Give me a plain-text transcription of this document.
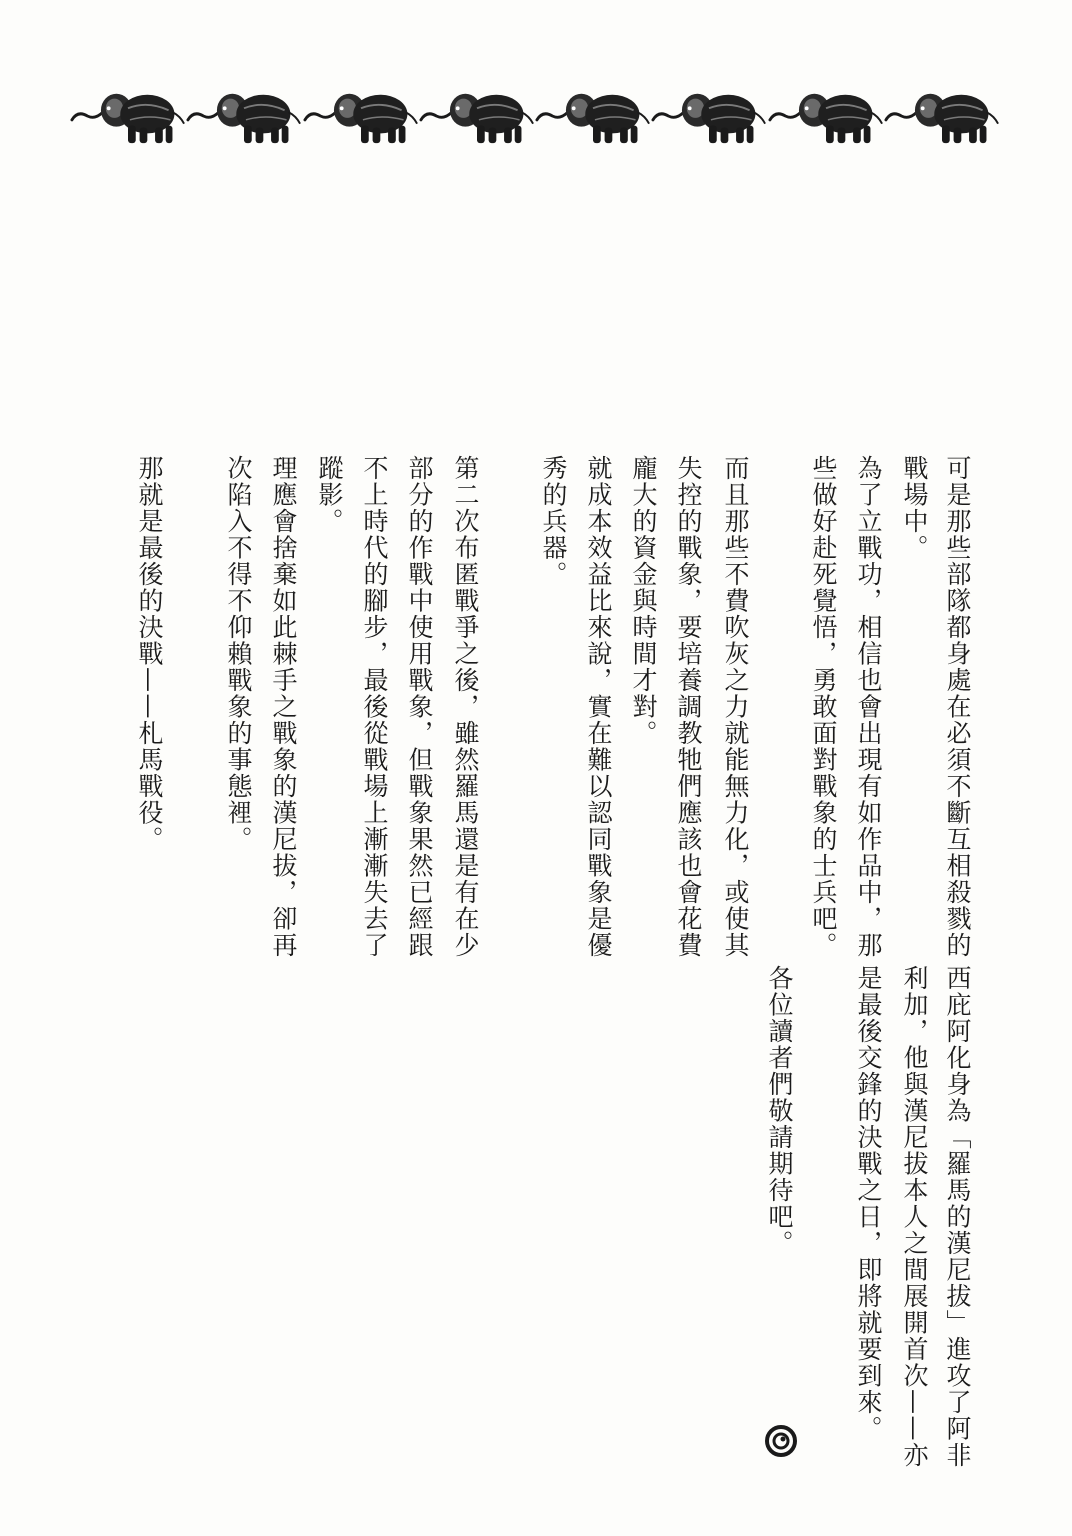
可是那些部隊都身處在必須不斷互相殺戮的
戰場中。
為了立戰功，相信也會出現有如作品中，那
些做好赴死覺悟，勇敢面對戰象的士兵吧。
而且那些不費吹灰之力就能無力化，或使其
失控的戰象，要培養調教牠們應該也會花費
龐大的資金與時間才對。
就成本效益比來說，實在難以認同戰象是優
秀的兵器。
第二次布匿戰爭之後，雖然羅馬還是有在少
部分的作戰中使用戰象，但戰象果然已經跟
不上時代的腳步，最後從戰場上漸漸失去了
蹤影。
理應會捨棄如此棘手之戰象的漢尼拔，卻再
次陷入不得不仰賴戰象的事態裡。
那就是最後的決戰——札馬戰役。
西庇阿化身為「羅馬的漢尼拔」進攻了阿非
利加，他與漢尼拔本人之間展開首次——亦
是最後交鋒的決戰之日，即將就要到來。
各位讀者們敬請期待吧。
